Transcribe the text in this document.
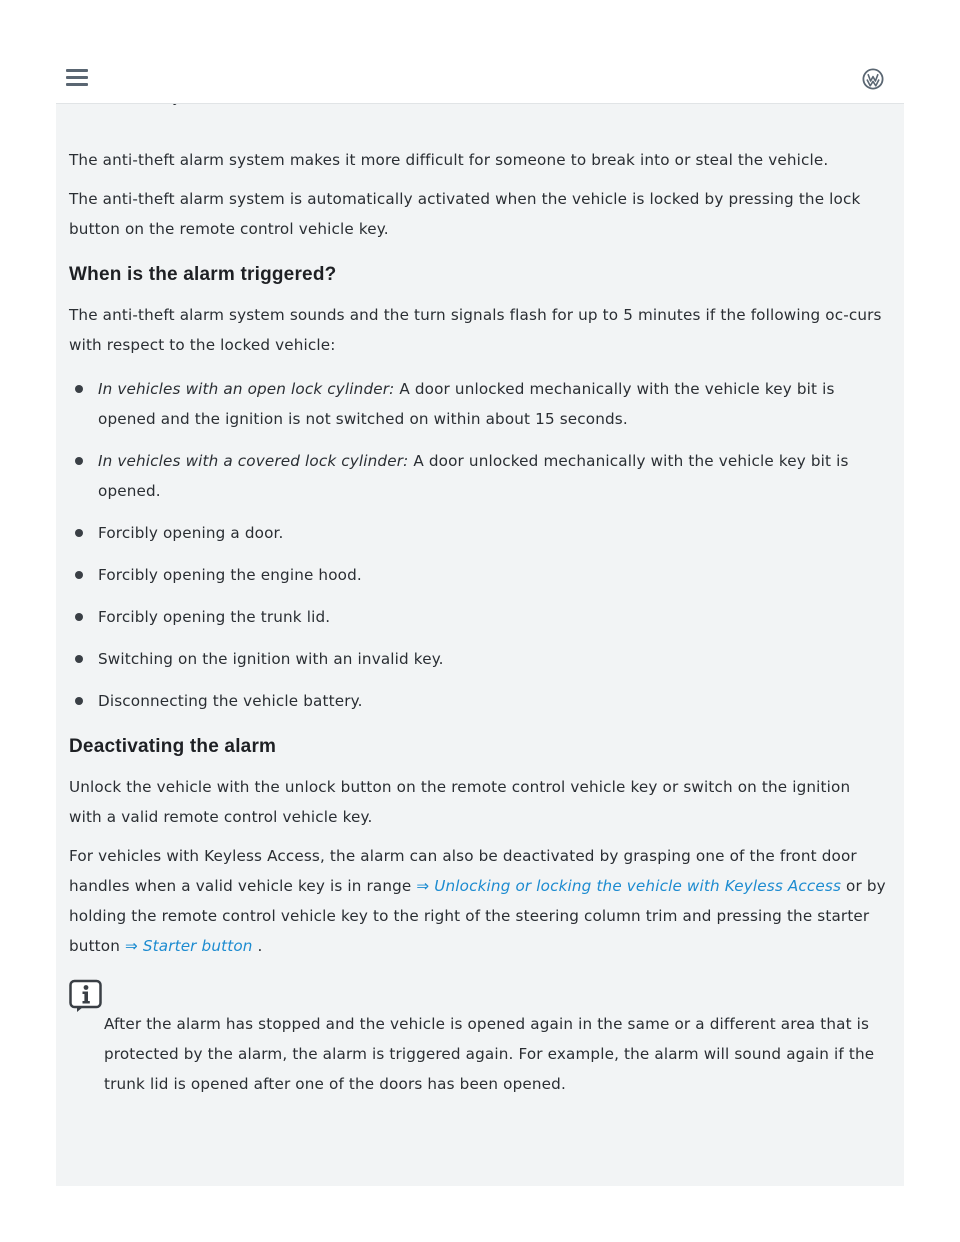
The anti-theft alarm system makes it more difficult for someone to break into or steal the vehicle.

The anti-theft alarm system is automatically activated when the vehicle is locked by pressing the lock button on the remote control vehicle key.

When is the alarm triggered?

The anti-theft alarm system sounds and the turn signals flash for up to 5 minutes if the following oc-curs with respect to the locked vehicle:

In vehicles with an open lock cylinder: A door unlocked mechanically with the vehicle key bit is opened and the ignition is not switched on within about 15 seconds.
In vehicles with a covered lock cylinder: A door unlocked mechanically with the vehicle key bit is opened.
Forcibly opening a door.
Forcibly opening the engine hood.
Forcibly opening the trunk lid.
Switching on the ignition with an invalid key.
Disconnecting the vehicle battery.
Deactivating the alarm

Unlock the vehicle with the unlock button on the remote control vehicle key or switch on the ignition with a valid remote control vehicle key.

For vehicles with Keyless Access, the alarm can also be deactivated by grasping one of the front door handles when a valid vehicle key is in range ⇒ Unlocking or locking the vehicle with Keyless Access or by holding the remote control vehicle key to the right of the steering column trim and pressing the starter button ⇒ Starter button .

After the alarm has stopped and the vehicle is opened again in the same or a different area that is protected by the alarm, the alarm is triggered again. For example, the alarm will sound again if the trunk lid is opened after one of the doors has been opened.
